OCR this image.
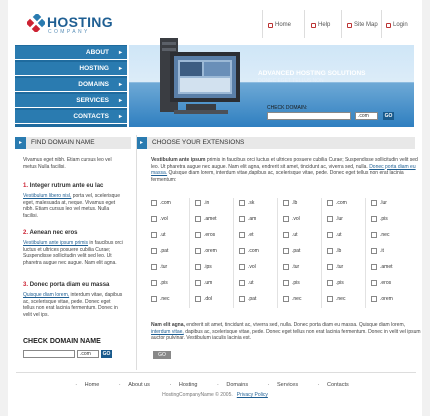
HOSTING
COMPANY
Home	Help	Site Map	Login
ABOUT	▸
HOSTING	▸
DOMAINS	▸
SERVICES	▸
CONTACTS	▸
ADVANCED HOSTING SOLUTIONS
DONEC EGET TELLUS NON
CHECK DOMAIN:
.com	GO
▸	FIND DOMAIN NAME	▸	CHOOSE YOUR EXTENSIONS

Vivamus eget nibh. Etiam cursus leo vel metus Nulla facilisi.

1. Integer rutrum ante eu lac

Vestibulum libero nisl, porta vel, scelerisque eget, malesuada at, neque. Vivamus eget nibh. Etiam cursus leo vel metus. Nulla facilisi.

2. Aenean nec eros

Vestibulum ante ipsum primis in faucibus orci luctus et ultrices posuere cubilia Curae; Suspendisse sollicitudin velit sed leo. Ut pharetra augue nec augue. Nam elit agna.

3. Donec porta diam eu massa

Quisque diam lorem, interdum vitae, dapibus ac, scelerisque vitae, pede. Donec eget tellus non erat lacinia fermentum. Donec in velit vel ips.

CHECK DOMAIN NAME
.com	GO
Vestibulum ante ipsum primis in faucibus orci luctus et ultrices posuere cubilia Curae; Suspendisse sollicitudin velit sed leo. Ut pharetra augue nec augue. Nam elit agna, endrerit sit amet, tincidunt ac, viverra sed, nulla. Donec porta diam eu massa. Quisque diam lorem, interdum vitae,dapibus ac, scelerisque vitae, pede. Donec eget tellus non erat lacinia fermentum:
.com	.in	.sk	.lb	.com	.lur
.vol	.amet	.am	.vol	.lur	.pis
.ut	.eros	.et	.ut	.ut	.nec
.pat	.orem	.com	.pat	.lb	.it
.tur	.ips	.vol	.tur	.tur	.amet
.pis	.um	.ut	.pis	.pis	.eros
.nec	.dol	.pat	.nec	.nec	.orem
Nam elit agna, endrerit sit amet, tincidunt ac, viverra sed, nulla. Donec porta diam eu massa. Quisque diam lorem, interdum vitae, dapibus ac, scelerisque vitae, pede. Donec eget tellus non erat lacinia fermentum. Donec in velit vel ipsum auctor pulvinar. Vestibulum iaculis lacinia est.
GO
· Home	· About us	· Hosting	· Domains	· Services	· Contacts
HostingCompanyName © 2005. Privacy Policy
